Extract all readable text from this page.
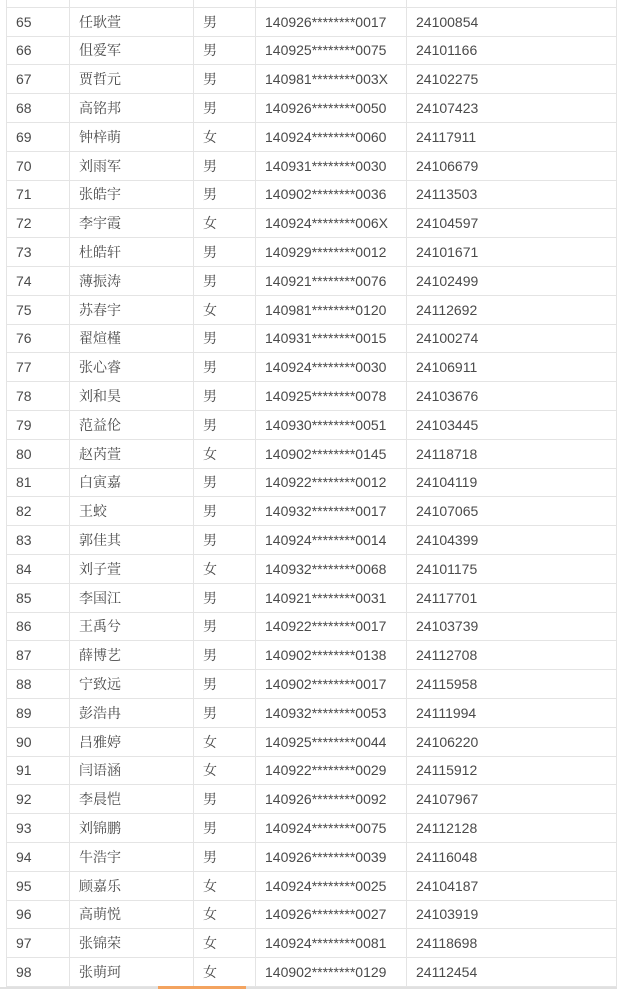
65	任耿萱	男	140926********0017	24100854
66	伹爱军	男	140925********0075	24101166
67	贾哲元	男	140981********003X	24102275
68	高铭邦	男	140926********0050	24107423
69	钟梓萌	女	140924********0060	24117911
70	刘雨军	男	140931********0030	24106679
71	张皓宇	男	140902********0036	24113503
72	李宇霞	女	140924********006X	24104597
73	杜皓轩	男	140929********0012	24101671
74	薄振涛	男	140921********0076	24102499
75	苏春宇	女	140981********0120	24112692
76	翟煊槿	男	140931********0015	24100274
77	张心睿	男	140924********0030	24106911
78	刘和昊	男	140925********0078	24103676
79	范益伦	男	140930********0051	24103445
80	赵芮萱	女	140902********0145	24118718
81	白寅嘉	男	140922********0012	24104119
82	王蛟	男	140932********0017	24107065
83	郭佳其	男	140924********0014	24104399
84	刘子萱	女	140932********0068	24101175
85	李国江	男	140921********0031	24117701
86	王禹兮	男	140922********0017	24103739
87	薛博艺	男	140902********0138	24112708
88	宁致远	男	140902********0017	24115958
89	彭浩冉	男	140932********0053	24111994
90	吕雅婷	女	140925********0044	24106220
91	闫语涵	女	140922********0029	24115912
92	李晨恺	男	140926********0092	24107967
93	刘锦鹏	男	140924********0075	24112128
94	牛浩宇	男	140926********0039	24116048
95	顾嘉乐	女	140924********0025	24104187
96	高萌悦	女	140926********0027	24103919
97	张锦荣	女	140924********0081	24118698
98	张萌珂	女	140902********0129	24112454
